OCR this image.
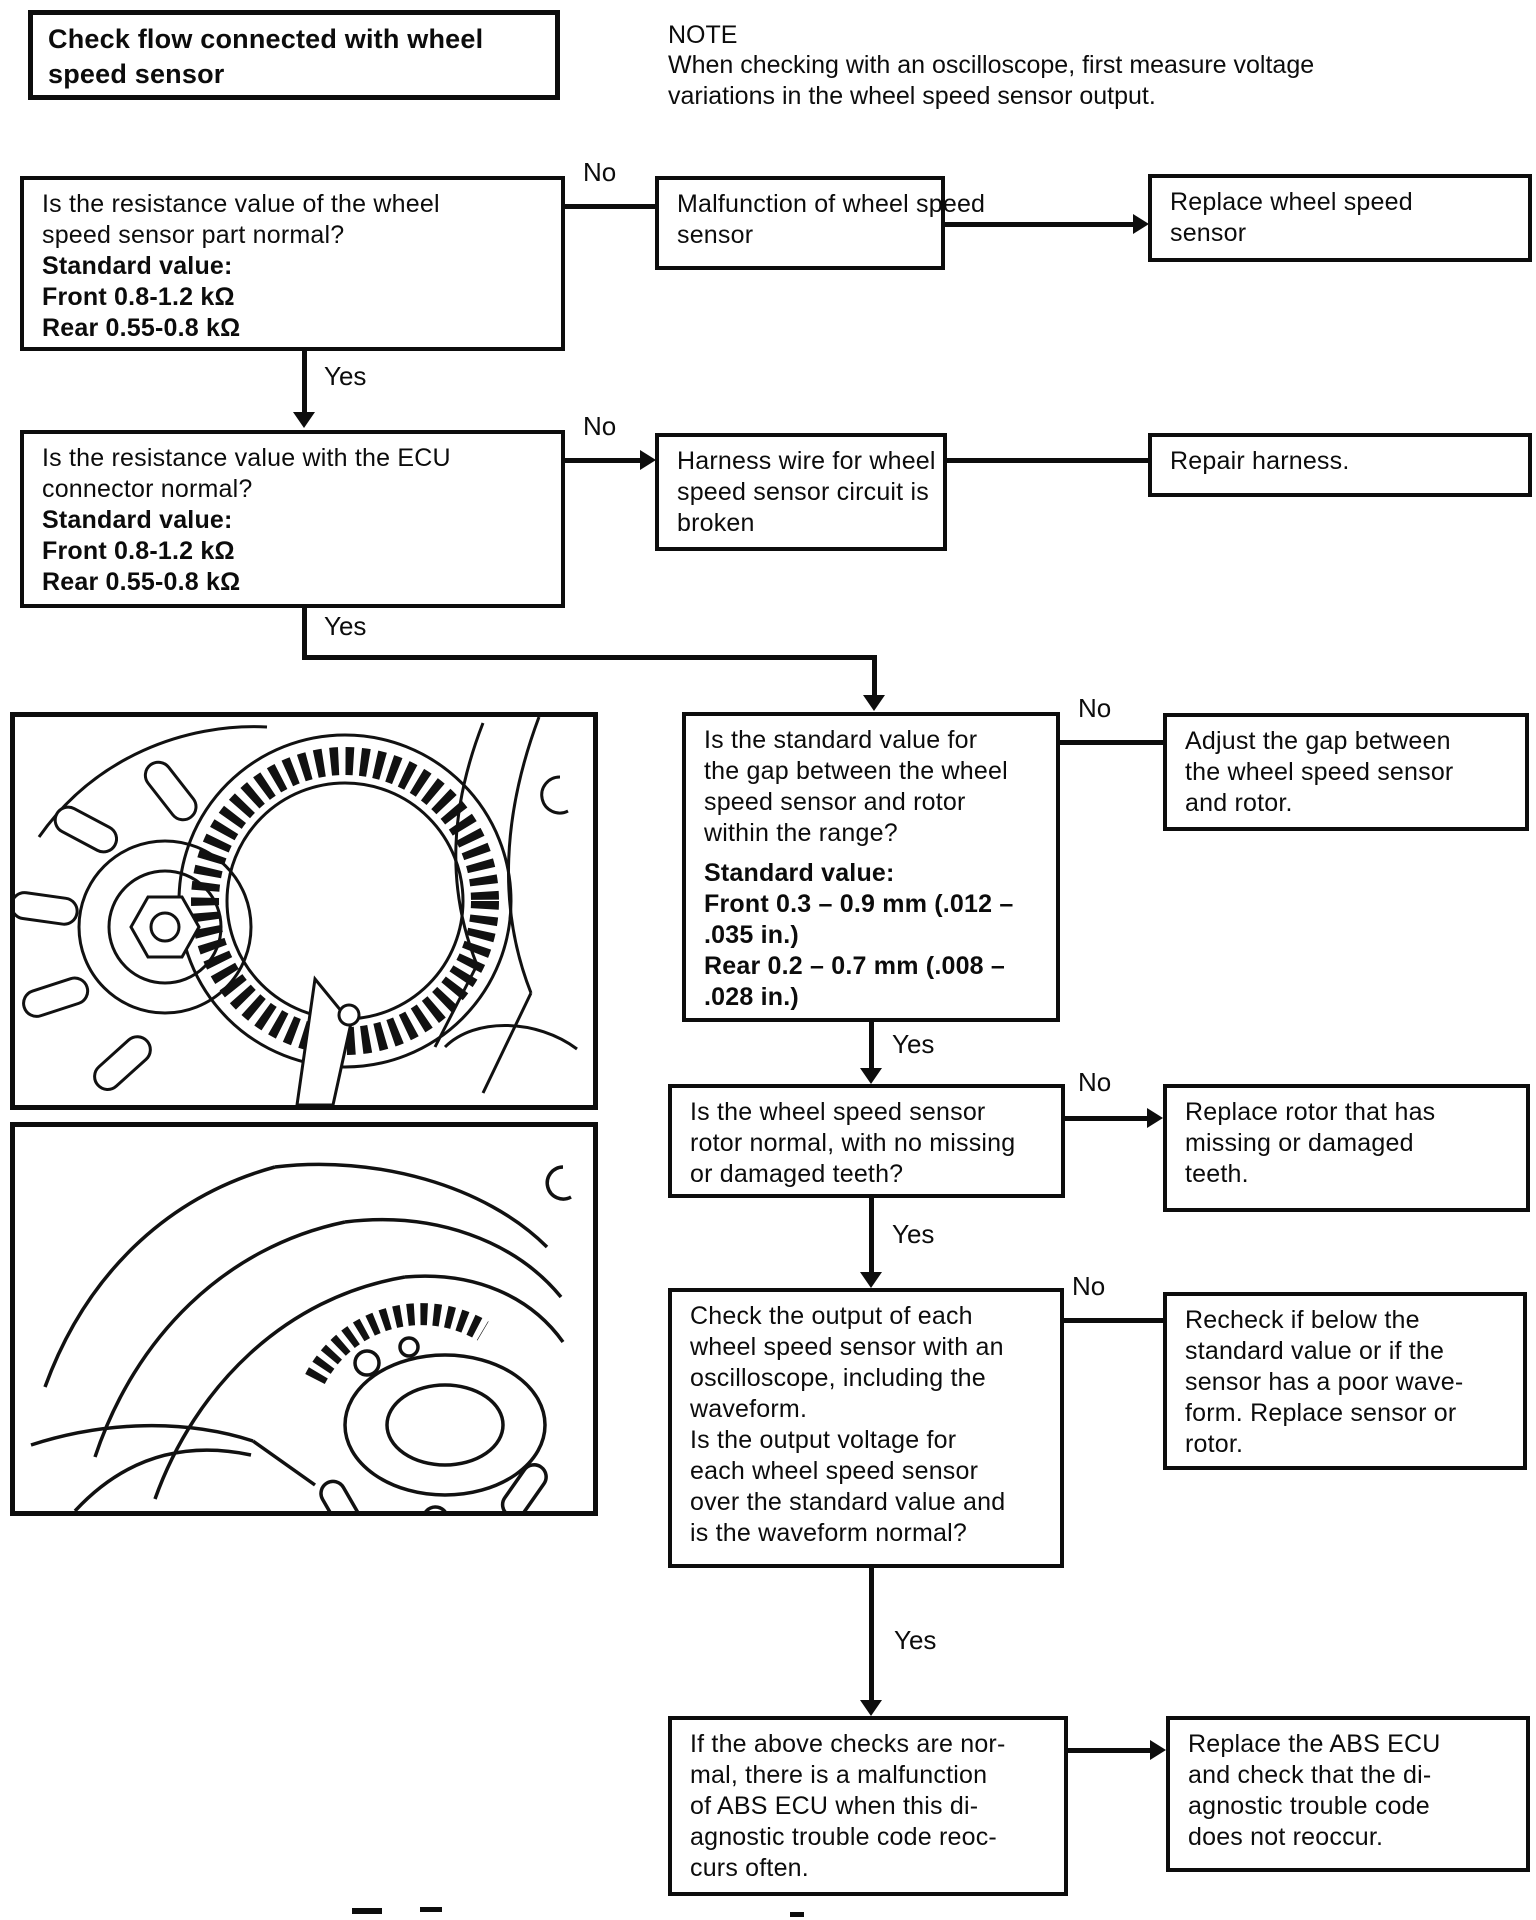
Check flow connected with wheel
speed sensor
NOTE
When checking with an oscilloscope, first measure voltage
variations in the wheel speed sensor output.
Is the resistance value of the wheel
speed sensor part normal?
Standard value:
Front 0.8-1.2 kΩ
Rear 0.55-0.8 kΩ
No
Malfunction of wheel speed
sensor
Replace wheel speed
sensor
Yes
Is the resistance value with the ECU
connector normal?
Standard value:
Front 0.8-1.2 kΩ
Rear 0.55-0.8 kΩ
No
Harness wire for wheel
speed sensor circuit is
broken
Repair harness.
Yes
Is the standard value for
the gap between the wheel
speed sensor and rotor
within the range?
Standard value:
Front 0.3 – 0.9 mm (.012 –
.035 in.)
Rear 0.2 – 0.7 mm (.008 –
.028 in.)
No
Adjust the gap between
the wheel speed sensor
and rotor.
Yes
Is the wheel speed sensor
rotor normal, with no missing
or damaged teeth?
No
Replace rotor that has
missing or damaged
teeth.
Yes
Check the output of each
wheel speed sensor with an
oscilloscope, including the
waveform.
Is the output voltage for
each wheel speed sensor
over the standard value and
is the waveform normal?
No
Recheck if below the
standard value or if the
sensor has a poor wave-
form. Replace sensor or
rotor.
Yes
If the above checks are nor-
mal, there is a malfunction
of ABS ECU when this di-
agnostic trouble code reoc-
curs often.
Replace the ABS ECU
and check that the di-
agnostic trouble code
does not reoccur.
